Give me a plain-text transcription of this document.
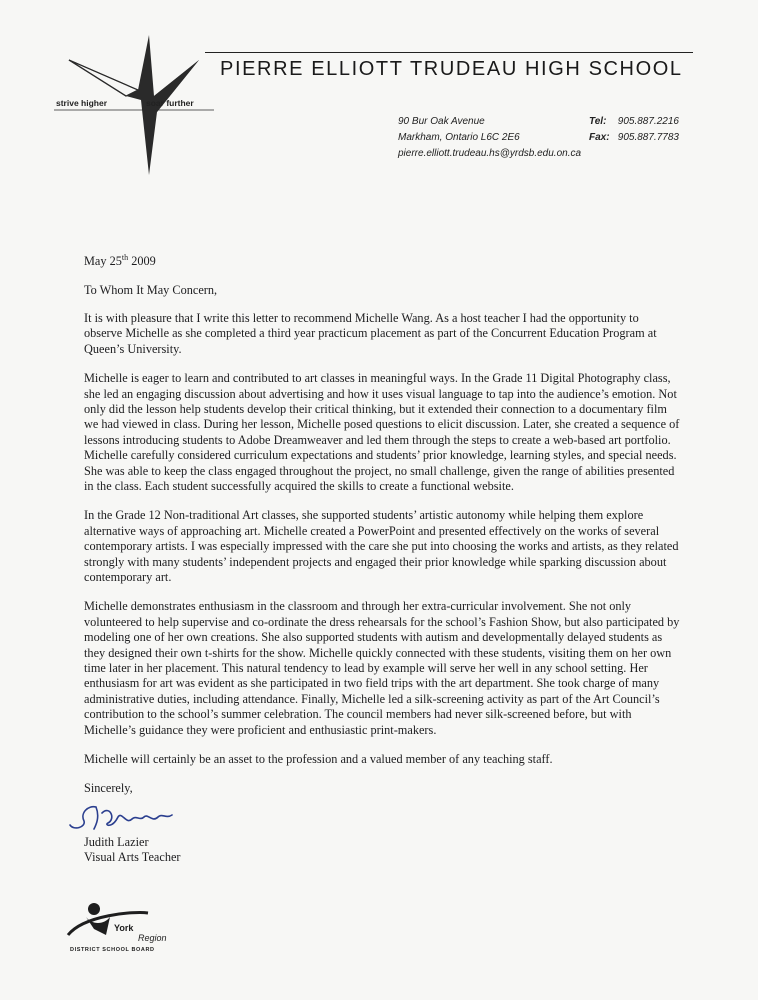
strive higher	soar further
PIERRE ELLIOTT TRUDEAU HIGH SCHOOL
90 Bur Oak Avenue
Markham, Ontario L6C 2E6
pierre.elliott.trudeau.hs@yrdsb.edu.on.ca
Tel: 905.887.2216
Fax: 905.887.7783

May 25th 2009

To Whom It May Concern,

It is with pleasure that I write this letter to recommend Michelle Wang. As a host teacher I had the opportunity to observe Michelle as she completed a third year practicum placement as part of the Concurrent Education Program at Queen’s University.

Michelle is eager to learn and contributed to art classes in meaningful ways. In the Grade 11 Digital Photography class, she led an engaging discussion about advertising and how it uses visual language to tap into the audience’s emotion. Not only did the lesson help students develop their critical thinking, but it extended their connection to a documentary film we had viewed in class. During her lesson, Michelle posed questions to elicit discussion. Later, she created a sequence of lessons introducing students to Adobe Dreamweaver and led them through the steps to create a web-based art portfolio. Michelle carefully considered curriculum expectations and students’ prior knowledge, learning styles, and special needs. She was able to keep the class engaged throughout the project, no small challenge, given the range of abilities presented in the class. Each student successfully acquired the skills to create a functional website.

In the Grade 12 Non-traditional Art classes, she supported students’ artistic autonomy while helping them explore alternative ways of approaching art. Michelle created a PowerPoint and presented effectively on the works of several contemporary artists. I was especially impressed with the care she put into choosing the works and artists, as they related strongly with many students’ independent projects and engaged their prior knowledge while sparking discussion about contemporary art.

Michelle demonstrates enthusiasm in the classroom and through her extra-curricular involvement. She not only volunteered to help supervise and co-ordinate the dress rehearsals for the school’s Fashion Show, but also participated by modeling one of her own creations. She also supported students with autism and developmentally delayed students as they designed their own t-shirts for the show. Michelle quickly connected with these students, visiting them on her own time later in her placement. This natural tendency to lead by example will serve her well in any school setting. Her enthusiasm for art was evident as she participated in two field trips with the art department. She took charge of many administrative duties, including attendance. Finally, Michelle led a silk-screening activity as part of the Art Council’s contribution to the school’s summer celebration. The council members had never silk-screened before, but with Michelle’s guidance they were proficient and enthusiastic print-makers.

Michelle will certainly be an asset to the profession and a valued member of any teaching staff.

Sincerely,

Judith Lazier

Visual Arts Teacher

York
Region
DISTRICT SCHOOL BOARD
